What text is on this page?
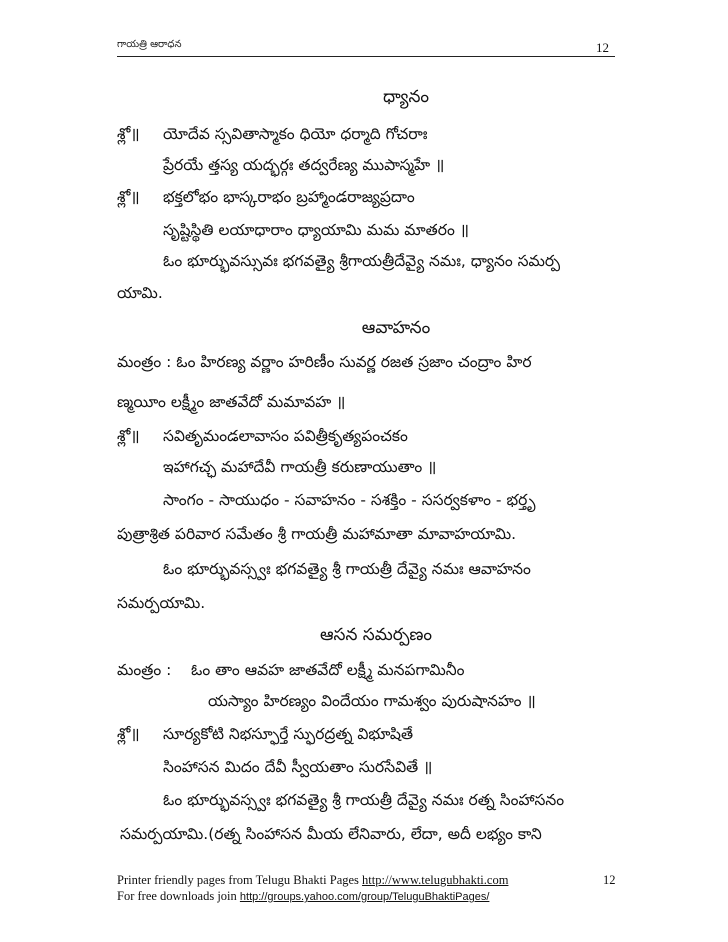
గాయత్రి ఆరాధన	12
ధ్యానం
శ్లో॥ యోదేవ స్సవితాస్మాకం ధియో ధర్మాది గోచరాః
ప్రేరయే త్తస్య యద్భర్గః తద్వరేణ్య ముపాస్మహే ॥
శ్లో॥ భక్తలోభం భాస్కరాభం బ్రహ్మాండరాజ్యప్రదాం
సృష్టిస్థితి లయాధారాం ధ్యాయామి మమ మాతరం ॥
ఓం భూర్భువస్సువః భగవత్యై శ్రీగాయత్రీదేవ్యై నమః, ధ్యానం సమర్ప
యామి.
ఆవాహనం
మంత్రం : ఓం హిరణ్య వర్ణాం హరిణీం సువర్ణ రజత స్రజాం చంద్రాం హిర
ణ్మయీం లక్ష్మీం జాతవేదో మమావహ ॥
శ్లో॥ సవితృమండలావాసం పవిత్రీకృత్యపంచకం
ఇహాగచ్ఛ మహాదేవీ గాయత్రీ కరుణాయుతాం ॥
సాంగం - సాయుధం - సవాహనం - సశక్తిం - ససర్వకళాం - భర్తృ
పుత్రాశ్రిత పరివార సమేతం శ్రీ గాయత్రీ మహామాతా మావాహయామి.
ఓం భూర్భువస్స్వః భగవత్యై శ్రీ గాయత్రీ దేవ్యై నమః ఆవాహనం
సమర్పయామి.
ఆసన సమర్పణం
మంత్రం :    ఓం తాం ఆవహ జాతవేదో లక్ష్మీ మనపగామినీం
యస్యాం హిరణ్యం విందేయం గామశ్వం పురుషానహం ॥
శ్లో॥ సూర్యకోటి నిభస్ఫూర్తే స్ఫురద్రత్న విభూషితే
సింహాసన మిదం దేవీ స్వీయతాం సురసేవితే ॥
ఓం భూర్భువస్స్వః భగవత్యై శ్రీ గాయత్రీ దేవ్యై నమః రత్న సింహాసనం
సమర్పయామి.(రత్న సింహాసన మీయ లేనివారు, లేదా, అదీ లభ్యం కాని
Printer friendly pages from Telugu Bhakti Pages http://www.telugubhakti.com	12
For free downloads join http://groups.yahoo.com/group/TeluguBhaktiPages/
